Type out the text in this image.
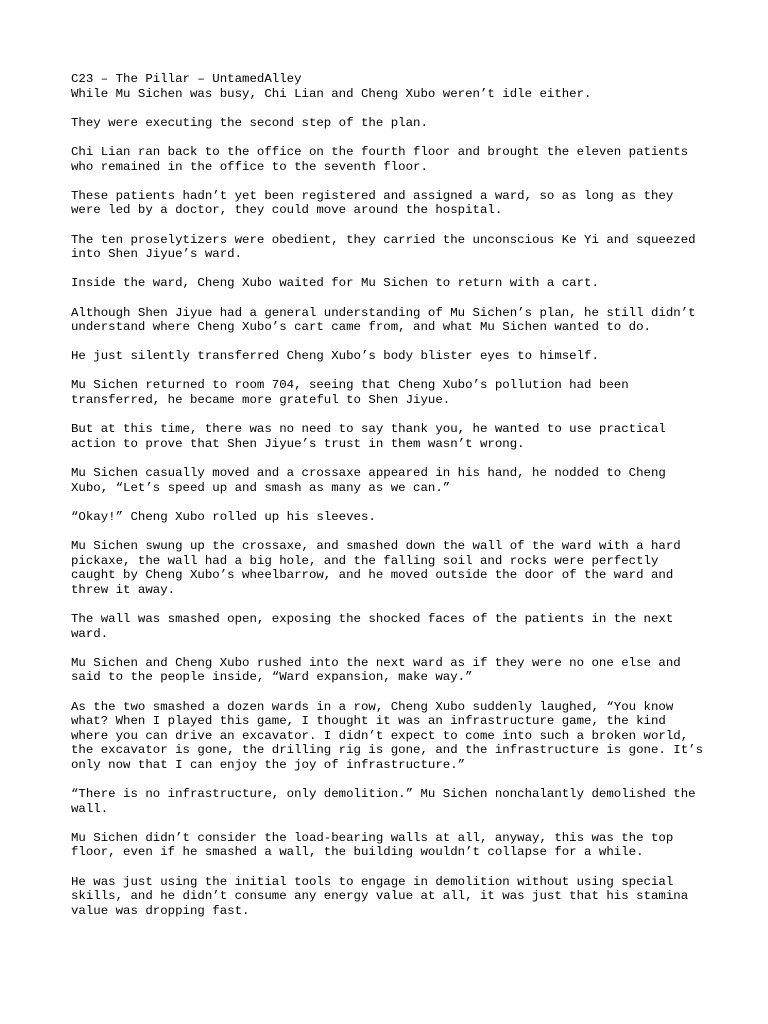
C23 – The Pillar – UntamedAlley

While Mu Sichen was busy, Chi Lian and Cheng Xubo weren’t idle either.

They were executing the second step of the plan.

Chi Lian ran back to the office on the fourth floor and brought the eleven patients who remained in the office to the seventh floor.

These patients hadn’t yet been registered and assigned a ward, so as long as they were led by a doctor, they could move around the hospital.

The ten proselytizers were obedient, they carried the unconscious Ke Yi and squeezed into Shen Jiyue’s ward.

Inside the ward, Cheng Xubo waited for Mu Sichen to return with a cart.

Although Shen Jiyue had a general understanding of Mu Sichen’s plan, he still didn’t understand where Cheng Xubo’s cart came from, and what Mu Sichen wanted to do.

He just silently transferred Cheng Xubo’s body blister eyes to himself.

Mu Sichen returned to room 704, seeing that Cheng Xubo’s pollution had been transferred, he became more grateful to Shen Jiyue.

But at this time, there was no need to say thank you, he wanted to use practical action to prove that Shen Jiyue’s trust in them wasn’t wrong.

Mu Sichen casually moved and a crossaxe appeared in his hand, he nodded to Cheng Xubo, “Let’s speed up and smash as many as we can.”

“Okay!” Cheng Xubo rolled up his sleeves.

Mu Sichen swung up the crossaxe, and smashed down the wall of the ward with a hard pickaxe, the wall had a big hole, and the falling soil and rocks were perfectly caught by Cheng Xubo’s wheelbarrow, and he moved outside the door of the ward and threw it away.

The wall was smashed open, exposing the shocked faces of the patients in the next ward.

Mu Sichen and Cheng Xubo rushed into the next ward as if they were no one else and said to the people inside, “Ward expansion, make way.”

As the two smashed a dozen wards in a row, Cheng Xubo suddenly laughed, “You know what? When I played this game, I thought it was an infrastructure game, the kind where you can drive an excavator. I didn’t expect to come into such a broken world, the excavator is gone, the drilling rig is gone, and the infrastructure is gone. It’s only now that I can enjoy the joy of infrastructure.”

“There is no infrastructure, only demolition.” Mu Sichen nonchalantly demolished the wall.

Mu Sichen didn’t consider the load-bearing walls at all, anyway, this was the top floor, even if he smashed a wall, the building wouldn’t collapse for a while.

He was just using the initial tools to engage in demolition without using special skills, and he didn’t consume any energy value at all, it was just that his stamina value was dropping fast.
